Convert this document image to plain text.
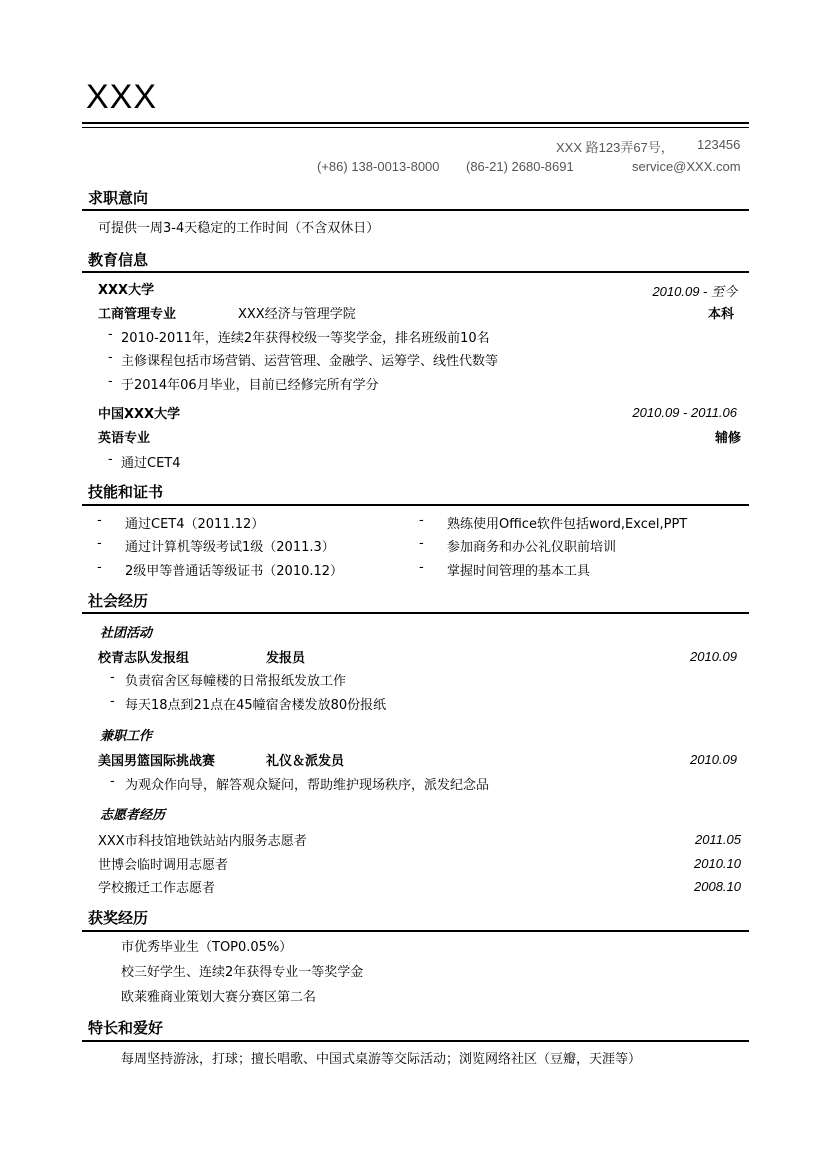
XXX
XXX 路123弄67号， 123456
(+86) 138-0013-8000 (86-21) 2680-8691	service@XXX.com
求职意向
可提供一周3-4天稳定的工作时间（不含双休日）
教育信息
XXX大学	2010.09 - 至今
工商管理专业	XXX经济与管理学院	本科
- 2010-2011年，连续2年获得校级一等奖学金，排名班级前10名
- 主修课程包括市场营销、运营管理、金融学、运筹学、线性代数等
- 于2014年06月毕业，目前已经修完所有学分
中国XXX大学	2010.09 - 2011.06
英语专业	辅修
- 通过CET4
技能和证书
- 通过CET4（2011.12）
- 通过计算机等级考试1级（2011.3）
- 2级甲等普通话等级证书（2010.12）
- 熟练使用Office软件包括word,Excel,PPT
- 参加商务和办公礼仪职前培训
- 掌握时间管理的基本工具
社会经历
社团活动
校青志队发报组	发报员	2010.09
- 负责宿舍区每幢楼的日常报纸发放工作
- 每天18点到21点在45幢宿舍楼发放80份报纸
兼职工作
美国男篮国际挑战赛	礼仪＆派发员	2010.09
- 为观众作向导，解答观众疑问，帮助维护现场秩序，派发纪念品
志愿者经历
XXX市科技馆地铁站站内服务志愿者	2011.05
世博会临时调用志愿者	2010.10
学校搬迁工作志愿者	2008.10
获奖经历
市优秀毕业生（TOP0.05%）
校三好学生、连续2年获得专业一等奖学金
欧莱雅商业策划大赛分赛区第二名
特长和爱好
每周坚持游泳，打球；擅长唱歌、中国式桌游等交际活动；浏览网络社区（豆瓣，天涯等）
